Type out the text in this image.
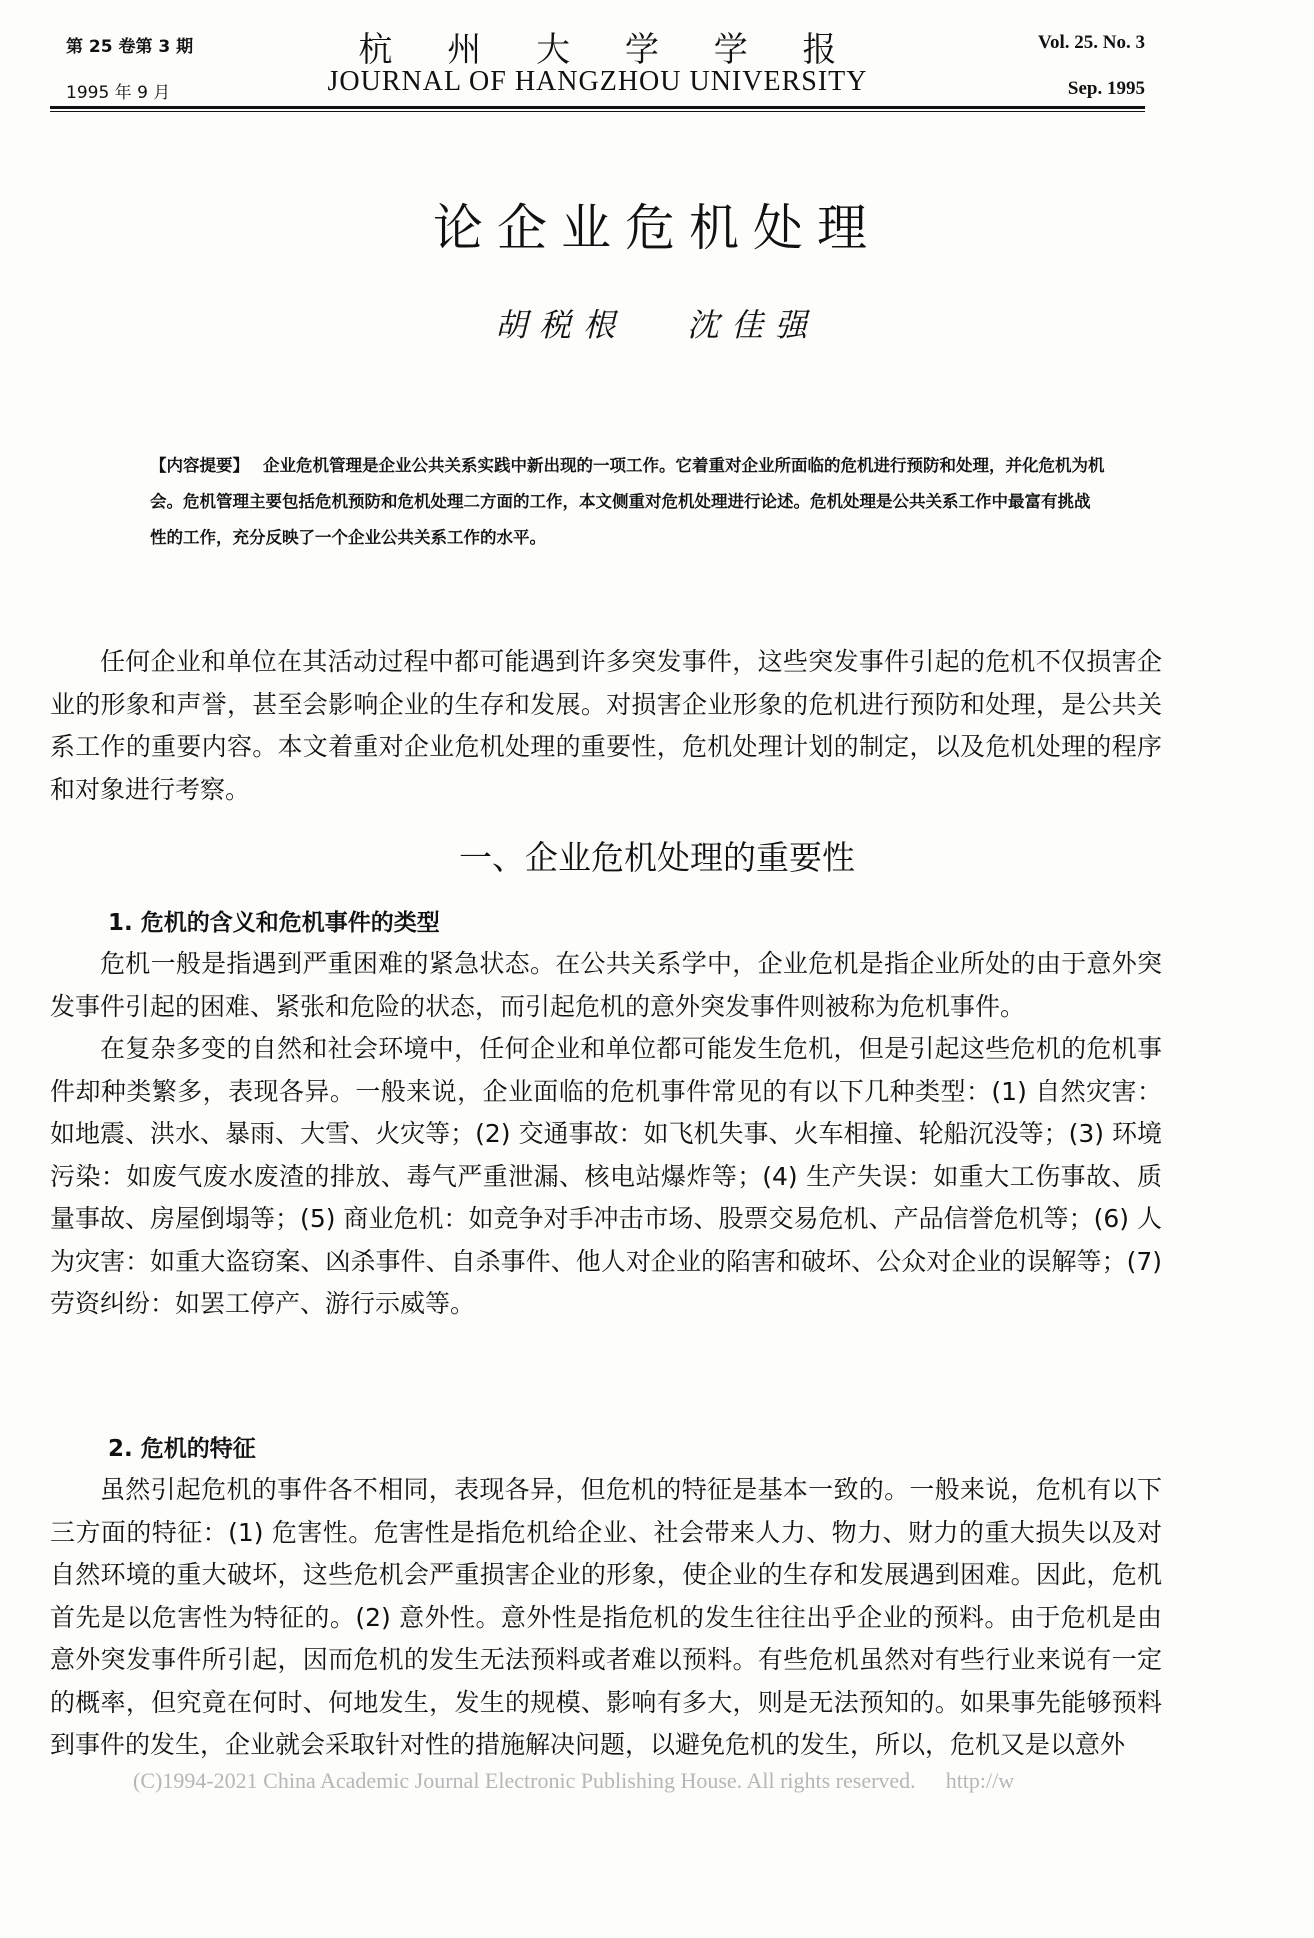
第 25 卷第 3 期
1995 年 9 月
杭 州 大 学 学 报
JOURNAL OF HANGZHOU UNIVERSITY
Vol. 25. No. 3
Sep. 1995
论企业危机处理
胡税根 沈佳强
【内容提要】 企业危机管理是企业公共关系实践中新出现的一项工作。它着重对企业所面临的危机进行预防和处理，并化危机为机会。危机管理主要包括危机预防和危机处理二方面的工作，本文侧重对危机处理进行论述。危机处理是公共关系工作中最富有挑战性的工作，充分反映了一个企业公共关系工作的水平。

任何企业和单位在其活动过程中都可能遇到许多突发事件，这些突发事件引起的危机不仅损害企业的形象和声誉，甚至会影响企业的生存和发展。对损害企业形象的危机进行预防和处理，是公共关系工作的重要内容。本文着重对企业危机处理的重要性，危机处理计划的制定，以及危机处理的程序和对象进行考察。

一、企业危机处理的重要性
1. 危机的含义和危机事件的类型

危机一般是指遇到严重困难的紧急状态。在公共关系学中，企业危机是指企业所处的由于意外突发事件引起的困难、紧张和危险的状态，而引起危机的意外突发事件则被称为危机事件。

在复杂多变的自然和社会环境中，任何企业和单位都可能发生危机，但是引起这些危机的危机事件却种类繁多，表现各异。一般来说，企业面临的危机事件常见的有以下几种类型：(1) 自然灾害：如地震、洪水、暴雨、大雪、火灾等；(2) 交通事故：如飞机失事、火车相撞、轮船沉没等；(3) 环境污染：如废气废水废渣的排放、毒气严重泄漏、核电站爆炸等；(4) 生产失误：如重大工伤事故、质量事故、房屋倒塌等；(5) 商业危机：如竞争对手冲击市场、股票交易危机、产品信誉危机等；(6) 人为灾害：如重大盗窃案、凶杀事件、自杀事件、他人对企业的陷害和破坏、公众对企业的误解等；(7) 劳资纠纷：如罢工停产、游行示威等。

2. 危机的特征

虽然引起危机的事件各不相同，表现各异，但危机的特征是基本一致的。一般来说，危机有以下三方面的特征：(1) 危害性。危害性是指危机给企业、社会带来人力、物力、财力的重大损失以及对自然环境的重大破坏，这些危机会严重损害企业的形象，使企业的生存和发展遇到困难。因此，危机首先是以危害性为特征的。(2) 意外性。意外性是指危机的发生往往出乎企业的预料。由于危机是由意外突发事件所引起，因而危机的发生无法预料或者难以预料。有些危机虽然对有些行业来说有一定的概率，但究竟在何时、何地发生，发生的规模、影响有多大，则是无法预知的。如果事先能够预料到事件的发生，企业就会采取针对性的措施解决问题，以避免危机的发生，所以，危机又是以意外

(C)1994-2021 China Academic Journal Electronic Publishing House. All rights reserved. http://w
